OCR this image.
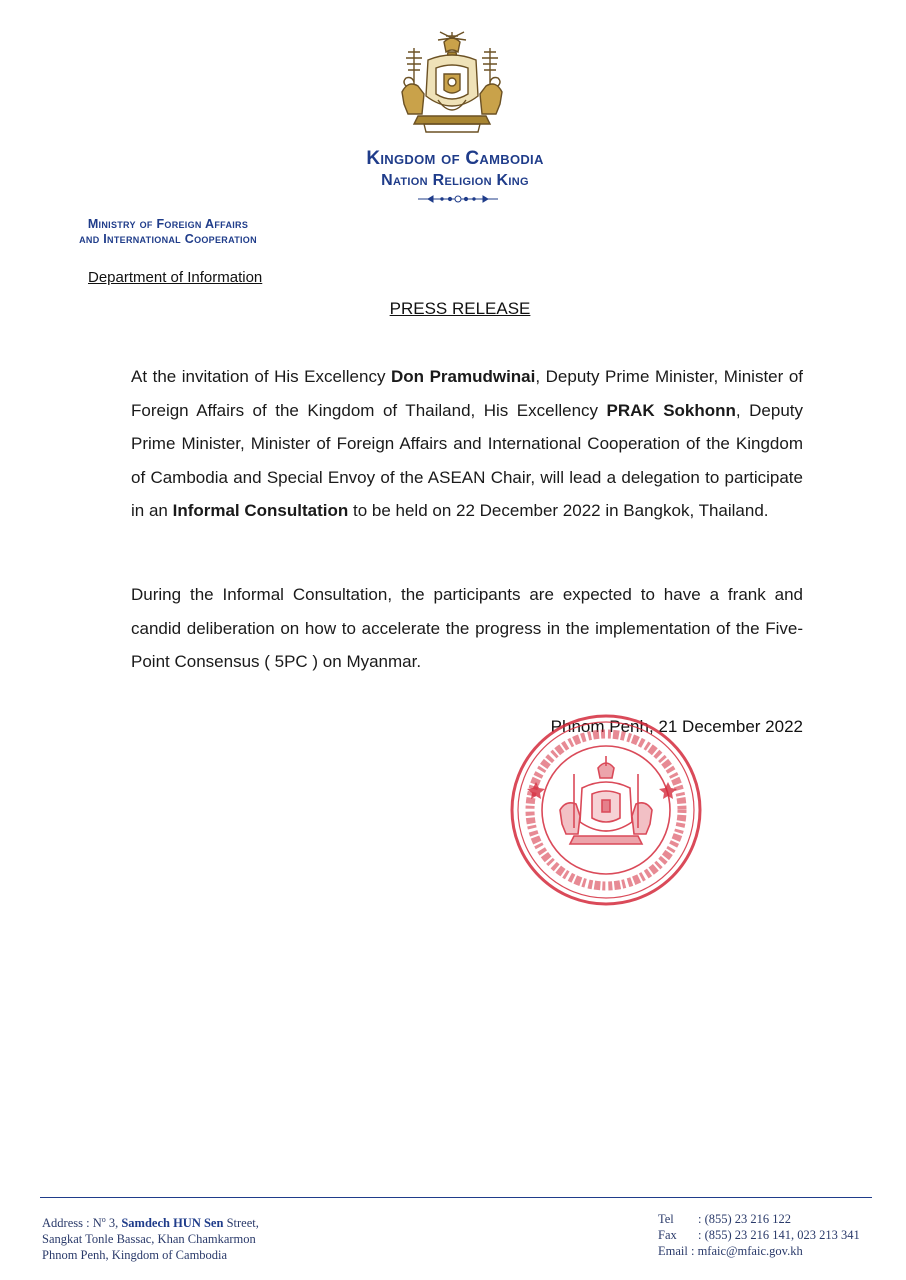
Kingdom of Cambodia
Nation Religion King
Ministry of Foreign Affairs
and International Cooperation
Department of Information
PRESS RELEASE
At the invitation of His Excellency Don Pramudwinai, Deputy Prime Minister, Minister of Foreign Affairs of the Kingdom of Thailand, His Excellency PRAK Sokhonn, Deputy Prime Minister, Minister of Foreign Affairs and International Cooperation of the Kingdom of Cambodia and Special Envoy of the ASEAN Chair, will lead a delegation to participate in an Informal Consultation to be held on 22 December 2022 in Bangkok, Thailand.
During the Informal Consultation, the participants are expected to have a frank and candid deliberation on how to accelerate the progress in the implementation of the Five-Point Consensus ( 5PC ) on Myanmar.
Phnom Penh, 21 December 2022
Address : $N^o$ 3, Samdech HUN Sen Street,
Sangkat Tonle Bassac, Khan Chamkarmon
Phnom Penh, Kingdom of Cambodia
Tel : (855) 23 216 122
Fax : (855) 23 216 141, 023 213 341
Email : mfaic@mfaic.gov.kh
